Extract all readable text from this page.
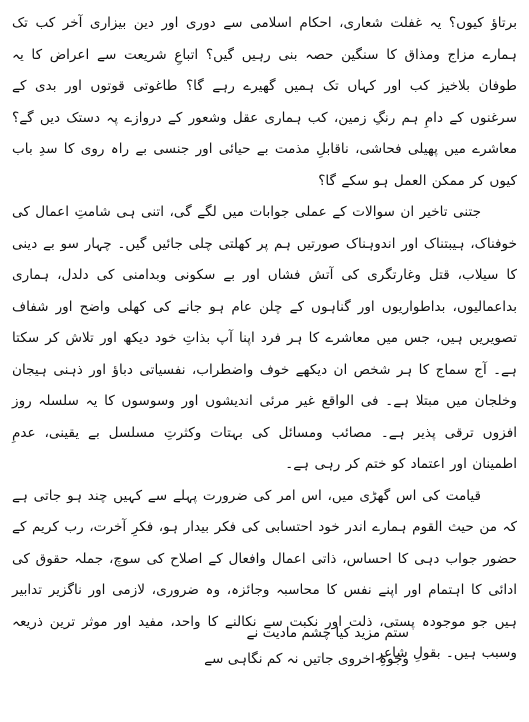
برتاؤ کیوں؟ یہ غفلت شعاری، احکام اسلامی سے دوری اور دین بیزاری آخر کب تک ہمارے مزاج ومذاق کا سنگین حصہ بنی رہیں گیں؟ اتباعِ شریعت سے اعراض کا یہ طوفان بلاخیز کب اور کہاں تک ہمیں گھیرے رہے گا؟ طاغوتی قوتوں اور بدی کے سرغنوں کے دامِ ہم رنگِ زمین، کب ہماری عقل وشعور کے دروازے پہ دستک دیں گے؟ معاشرے میں پھیلی فحاشی، ناقابلِ مذمت بے حیائی اور جنسی بے راہ روی کا سدِ باب کیوں کر ممکن العمل ہو سکے گا؟

جتنی تاخیر ان سوالات کے عملی جوابات میں لگے گی، اتنی ہی شامتِ اعمال کی خوفناک، ہیبتناک اور اندوہناک صورتیں ہم پر کھلتی چلی جائیں گیں۔ چہار سو بے دینی کا سیلاب، قتل وغارتگری کی آتش فشاں اور بے سکونی وبدامنی کی دلدل، ہماری بداعمالیوں، بداطواریوں اور گناہوں کے چلن عام ہو جانے کی کھلی واضح اور شفاف تصویریں ہیں، جس میں معاشرے کا ہر فرد اپنا آپ بذاتِ خود دیکھ اور تلاش کر سکتا ہے۔ آج سماج کا ہر شخص ان دیکھے خوف واضطراب، نفسیاتی دباؤ اور ذہنی ہیجان وخلجان میں مبتلا ہے۔ فی الواقع غیر مرئی اندیشوں اور وسوسوں کا یہ سلسلہ روز افزوں ترقی پذیر ہے۔ مصائب ومسائل کی بہتات وکثرتِ مسلسل بے یقینی، عدمِ اطمینان اور اعتماد کو ختم کر رہی ہے۔

قیامت کی اس گھڑی میں، اس امر کی ضرورت پہلے سے کہیں چند ہو جاتی ہے کہ من حیث القوم ہمارے اندر خود احتسابی کی فکر بیدار ہو، فکرِ آخرت، رب کریم کے حضور جواب دہی کا احساس، ذاتی اعمال وافعال کے اصلاح کی سوچ، جملہ حقوق کی ادائی کا اہتمام اور اپنے نفس کا محاسبہ وجائزہ، وہ ضروری، لازمی اور ناگزیر تدابیر ہیں جو موجودہ پستی، ذلت اور نکبت سے نکالنے کا واحد، مفید اور موثر ترین ذریعہ وسبب ہیں۔ بقولِ شاعر

ستم مزید کیا چشم مادیت نے
وجوہِ اخروی جاتیں نہ کم نگاہی سے
